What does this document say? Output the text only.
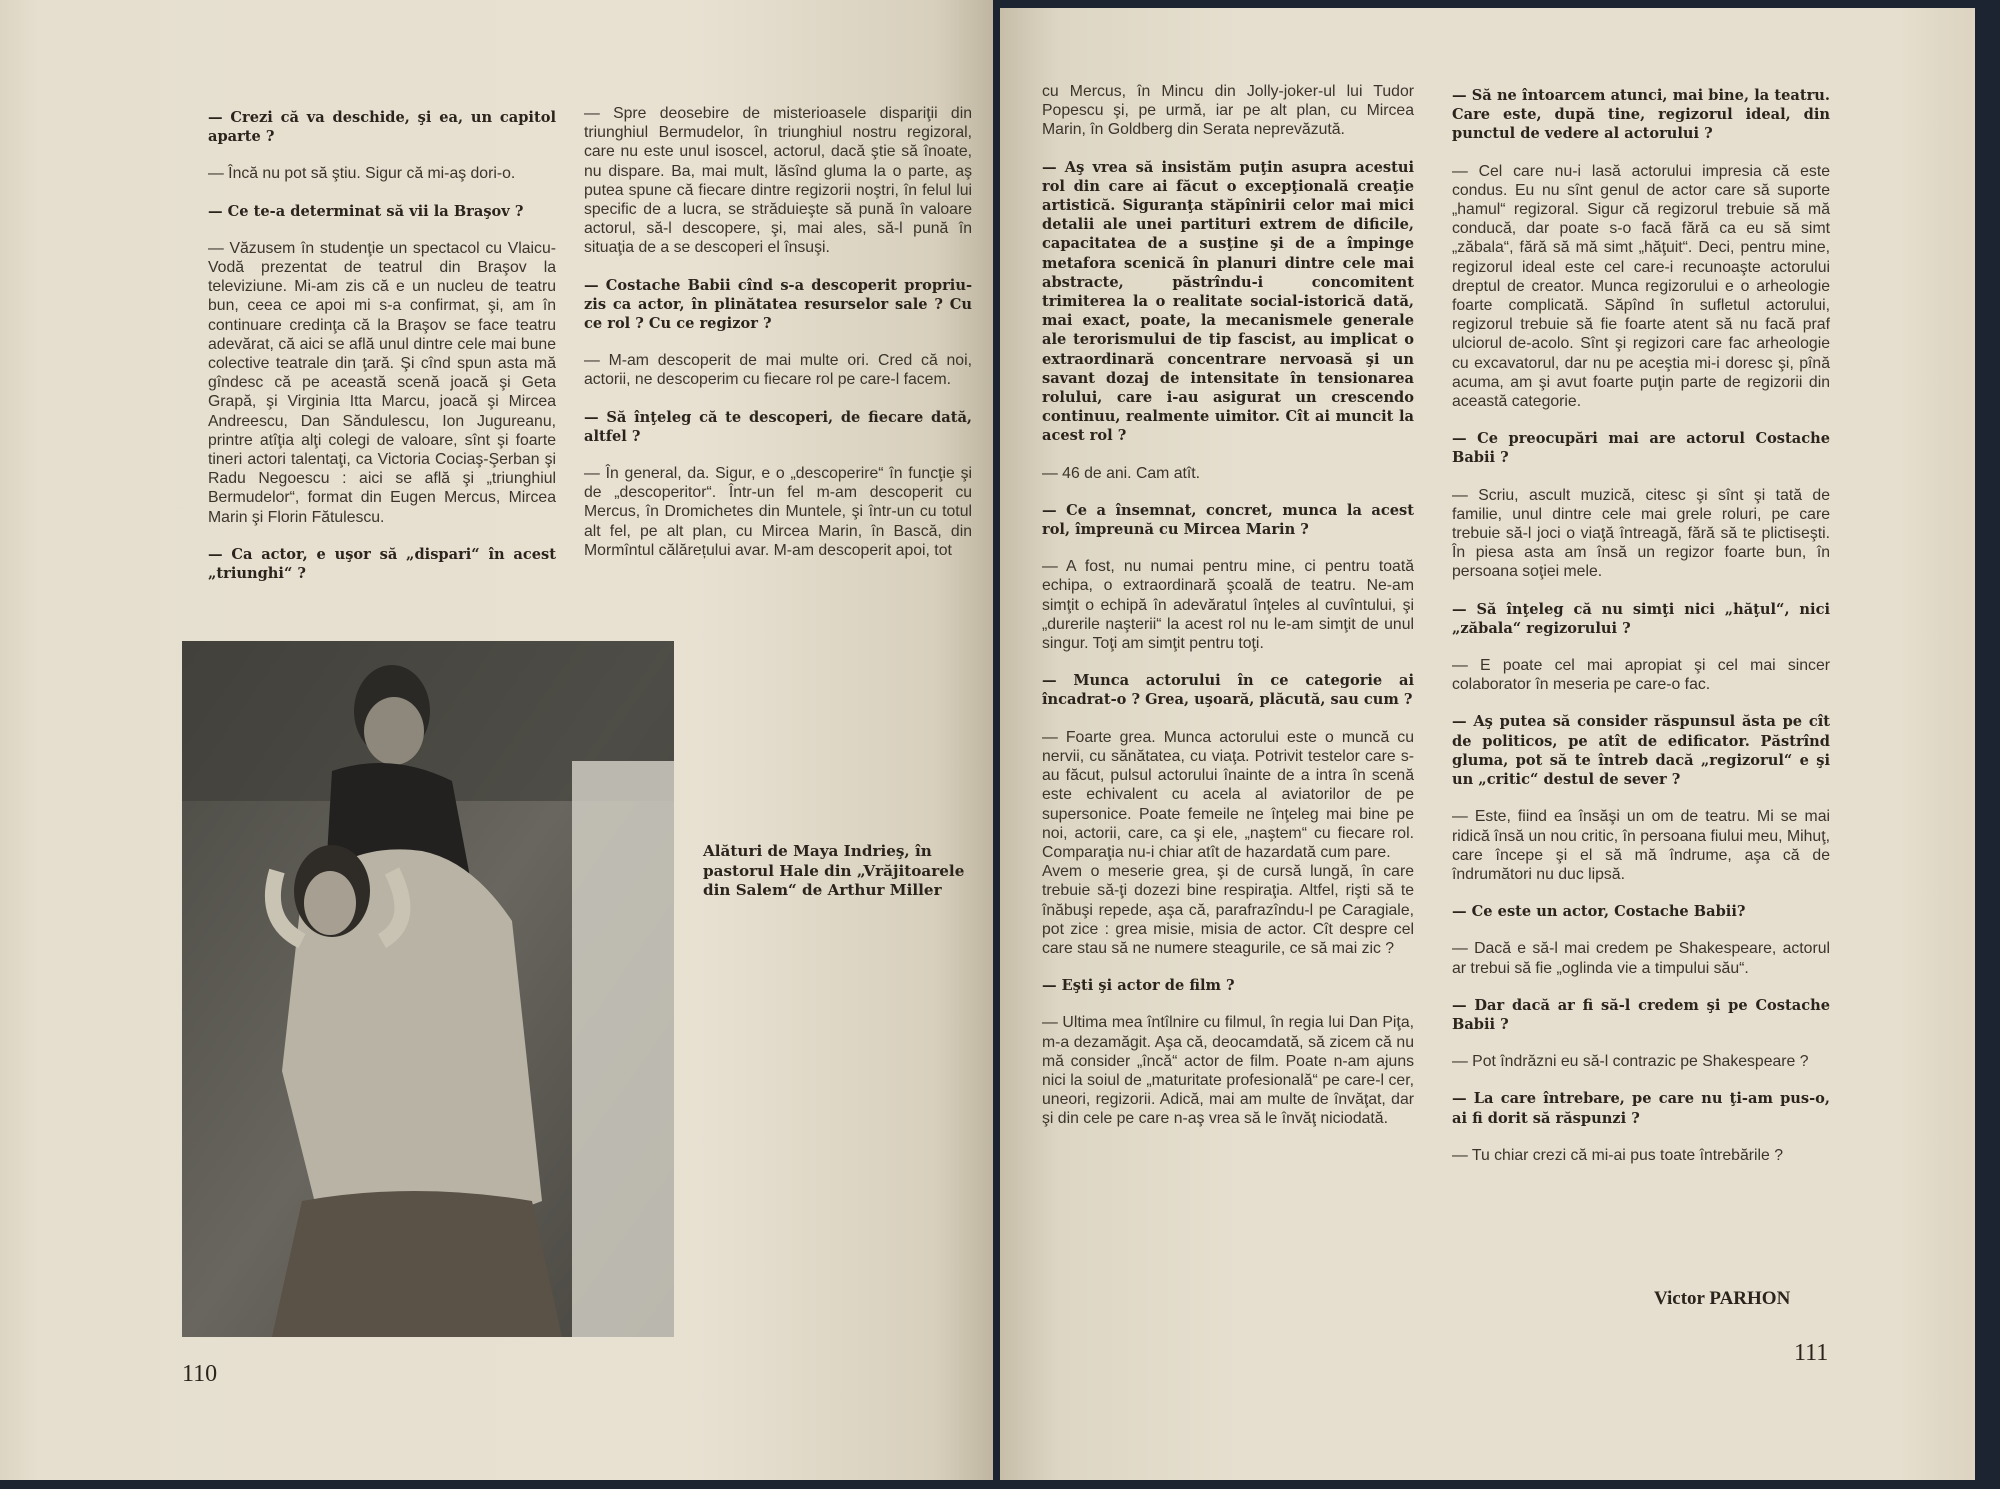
— Crezi că va deschide, şi ea, un capitol aparte ?

— Încă nu pot să ştiu. Sigur că mi-aş dori-o.

— Ce te-a determinat să vii la Braşov ?

— Văzusem în studenţie un spectacol cu Vlaicu-Vodă prezentat de teatrul din Braşov la televiziune. Mi-am zis că e un nucleu de teatru bun, ceea ce apoi mi s-a confirmat, şi, am în continuare credinţa că la Braşov se face teatru adevărat, că aici se află unul dintre cele mai bune colective teatrale din ţară. Şi cînd spun asta mă gîndesc că pe această scenă joacă şi Geta Grapă, şi Virginia Itta Marcu, joacă şi Mircea Andreescu, Dan Săndulescu, Ion Jugureanu, printre atîţia alţi colegi de valoare, sînt şi foarte tineri actori talentaţi, ca Victoria Cociaş-Şerban şi Radu Negoescu : aici se află şi „triunghiul Bermudelor“, format din Eugen Mercus, Mircea Marin şi Florin Fătulescu.

— Ca actor, e uşor să „dispari“ în acest „triunghi“ ?

— Spre deosebire de misterioasele dispariţii din triunghiul Bermudelor, în triunghiul nostru regizoral, care nu este unul isoscel, actorul, dacă ştie să înoate, nu dispare. Ba, mai mult, lăsînd gluma la o parte, aş putea spune că fiecare dintre regizorii noştri, în felul lui specific de a lucra, se străduieşte să pună în valoare actorul, să-l descopere, şi, mai ales, să-l pună în situaţia de a se descoperi el însuşi.

— Costache Babii cînd s-a descoperit propriu-zis ca actor, în plinătatea resurselor sale ? Cu ce rol ? Cu ce regizor ?

— M-am descoperit de mai multe ori. Cred că noi, actorii, ne descoperim cu fiecare rol pe care-l facem.

— Să înţeleg că te descoperi, de fiecare dată, altfel ?

— În general, da. Sigur, e o „descoperire“ în funcţie şi de „descoperitor“. Într-un fel m-am descoperit cu Mercus, în Dromichetes din Muntele, şi într-un cu totul alt fel, pe alt plan, cu Mircea Marin, în Bască, din Mormîntul călărețului avar. M-am descoperit apoi, tot

Alături de Maya Indrieş, în pastorul Hale din „Vrăjitoarele din Salem“ de Arthur Miller
110

cu Mercus, în Mincu din Jolly-joker-ul lui Tudor Popescu şi, pe urmă, iar pe alt plan, cu Mircea Marin, în Goldberg din Serata neprevăzută.

— Aş vrea să insistăm puţin asupra acestui rol din care ai făcut o excepţională creaţie artistică. Siguranţa stăpînirii celor mai mici detalii ale unei partituri extrem de dificile, capacitatea de a susţine şi de a împinge metafora scenică în planuri dintre cele mai abstracte, păstrîndu-i concomitent trimiterea la o realitate social-istorică dată, mai exact, poate, la mecanismele generale ale terorismului de tip fascist, au implicat o extraordinară concentrare nervoasă şi un savant dozaj de intensitate în tensionarea rolului, care i-au asigurat un crescendo continuu, realmente uimitor. Cît ai muncit la acest rol ?

— 46 de ani. Cam atît.

— Ce a însemnat, concret, munca la acest rol, împreună cu Mircea Marin ?

— A fost, nu numai pentru mine, ci pentru toată echipa, o extraordinară şcoală de teatru. Ne-am simţit o echipă în adevăratul înţeles al cuvîntului, şi „durerile naşterii“ la acest rol nu le-am simţit de unul singur. Toţi am simţit pentru toţi.

— Munca actorului în ce categorie ai încadrat-o ? Grea, uşoară, plăcută, sau cum ?

— Foarte grea. Munca actorului este o muncă cu nervii, cu sănătatea, cu viaţa. Potrivit testelor care s-au făcut, pulsul actorului înainte de a intra în scenă este echivalent cu acela al aviatorilor de pe supersonice. Poate femeile ne înţeleg mai bine pe noi, actorii, care, ca şi ele, „naştem“ cu fiecare rol. Comparaţia nu-i chiar atît de hazardată cum pare.
Avem o meserie grea, şi de cursă lungă, în care trebuie să-ţi dozezi bine respiraţia. Altfel, rişti să te înăbuşi repede, aşa că, parafrazîndu-l pe Caragiale, pot zice : grea misie, misia de actor. Cît despre cel care stau să ne numere steagurile, ce să mai zic ?

— Eşti şi actor de film ?

— Ultima mea întîlnire cu filmul, în regia lui Dan Piţa, m-a dezamăgit. Aşa că, deocamdată, să zicem că nu mă consider „încă“ actor de film. Poate n-am ajuns nici la soiul de „maturitate profesională“ pe care-l cer, uneori, regizorii. Adică, mai am multe de învăţat, dar şi din cele pe care n-aş vrea să le învăţ niciodată.

— Să ne întoarcem atunci, mai bine, la teatru. Care este, după tine, regizorul ideal, din punctul de vedere al actorului ?

— Cel care nu-i lasă actorului impresia că este condus. Eu nu sînt genul de actor care să suporte „hamul“ regizoral. Sigur că regizorul trebuie să mă conducă, dar poate s-o facă fără ca eu să simt „zăbala“, fără să mă simt „hăţuit“. Deci, pentru mine, regizorul ideal este cel care-i recunoaşte actorului dreptul de creator. Munca regizorului e o arheologie foarte complicată. Săpînd în sufletul actorului, regizorul trebuie să fie foarte atent să nu facă praf ulciorul de-acolo. Sînt şi regizori care fac arheologie cu excavatorul, dar nu pe aceştia mi-i doresc şi, pînă acuma, am şi avut foarte puţin parte de regizorii din această categorie.

— Ce preocupări mai are actorul Costache Babii ?

— Scriu, ascult muzică, citesc şi sînt şi tată de familie, unul dintre cele mai grele roluri, pe care trebuie să-l joci o viaţă întreagă, fără să te plictiseşti. În piesa asta am însă un regizor foarte bun, în persoana soţiei mele.

— Să înţeleg că nu simţi nici „hăţul“, nici „zăbala“ regizorului ?

— E poate cel mai apropiat şi cel mai sincer colaborator în meseria pe care-o fac.

— Aş putea să consider răspunsul ăsta pe cît de politicos, pe atît de edificator. Păstrînd gluma, pot să te întreb dacă „regizorul“ e şi un „critic“ destul de sever ?

— Este, fiind ea însăşi un om de teatru. Mi se mai ridică însă un nou critic, în persoana fiului meu, Mihuţ, care începe şi el să mă îndrume, aşa că de îndrumători nu duc lipsă.

— Ce este un actor, Costache Babii?

— Dacă e să-l mai credem pe Shakespeare, actorul ar trebui să fie „oglinda vie a timpului său“.

— Dar dacă ar fi să-l credem şi pe Costache Babii ?

— Pot îndrăzni eu să-l contrazic pe Shakespeare ?

— La care întrebare, pe care nu ţi-am pus-o, ai fi dorit să răspunzi ?

— Tu chiar crezi că mi-ai pus toate întrebările ?

Victor PARHON
111
